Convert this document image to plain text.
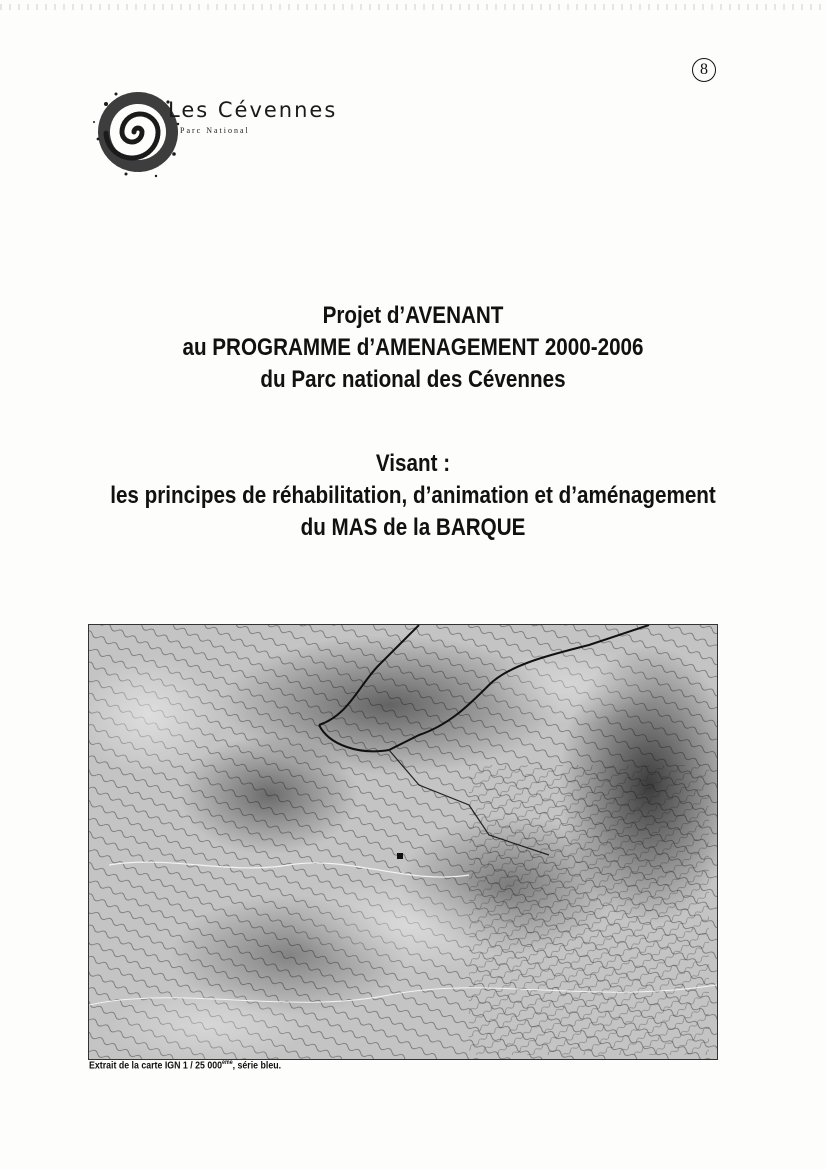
8
Les Cévennes
Parc National
Projet d’AVENANT
au PROGRAMME d’AMENAGEMENT 2000-2006
du Parc national des Cévennes
Visant :
les principes de réhabilitation, d’animation et d’aménagement
du MAS de la BARQUE
Extrait de la carte IGN 1 / 25 000ème, série bleu.
